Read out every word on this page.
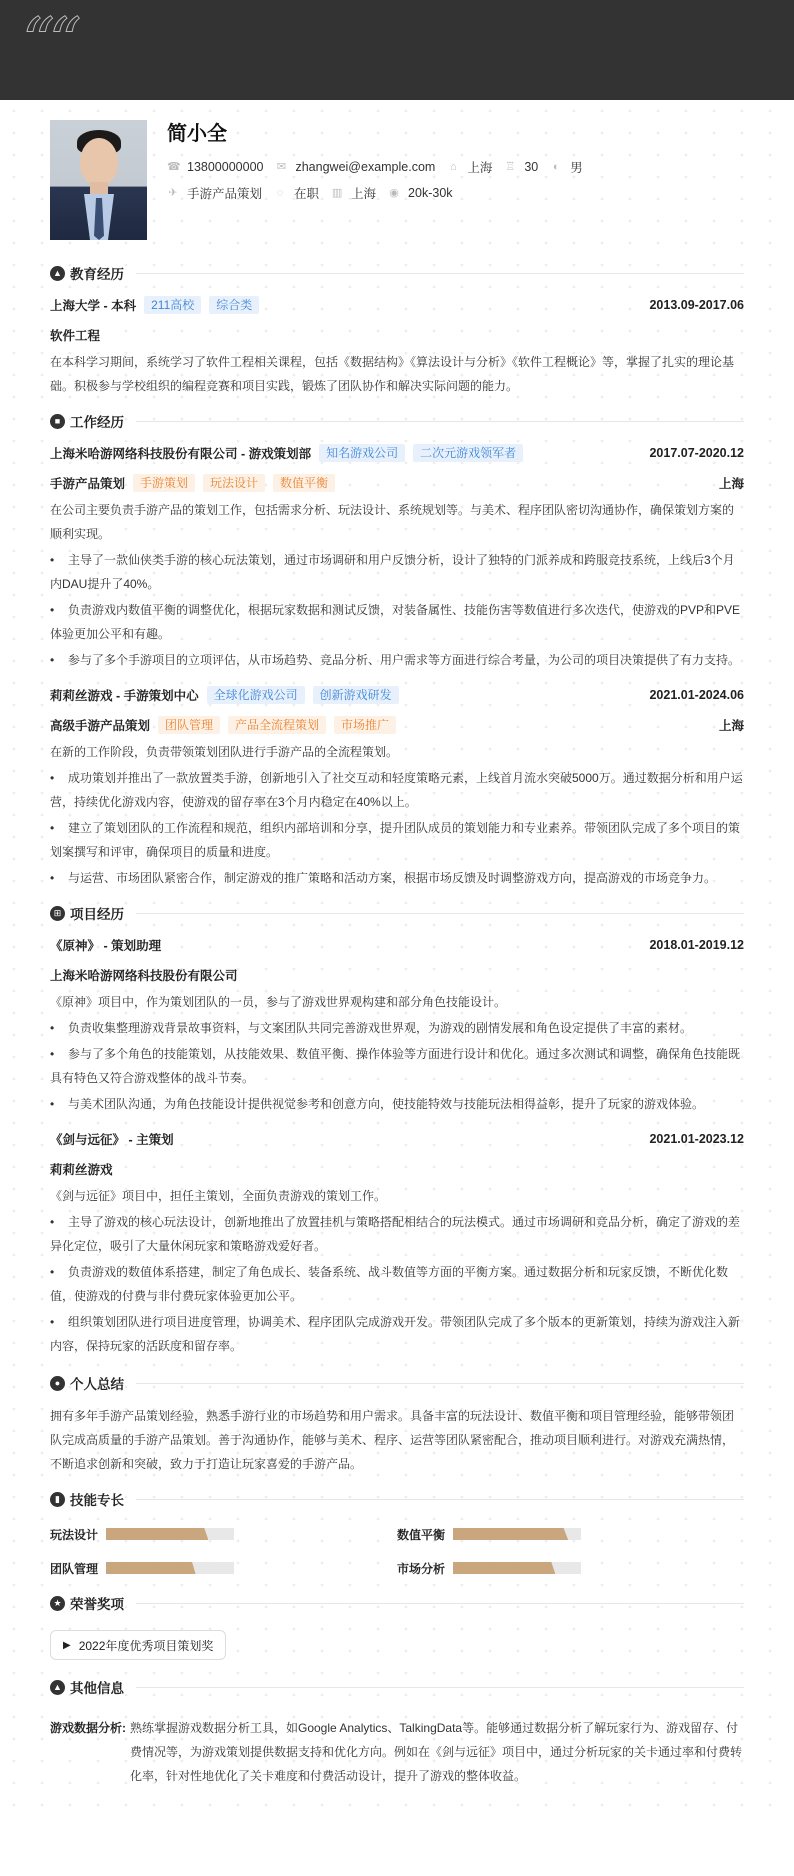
““
简小全
☎ 13800000000 ✉ zhangwei@example.com ⌂ 上海 ♖ 30 ◐ 男
✈ 手游产品策划 ◌ 在职 ▥ 上海 ◉ 20k-30k
▲ 教育经历
上海大学 - 本科	211高校	综合类	2013.09-2017.06
软件工程

在本科学习期间，系统学习了软件工程相关课程，包括《数据结构》《算法设计与分析》《软件工程概论》等，掌握了扎实的理论基础。积极参与学校组织的编程竞赛和项目实践，锻炼了团队协作和解决实际问题的能力。

■ 工作经历
上海米哈游网络科技股份有限公司 - 游戏策划部	知名游戏公司	二次元游戏领军者	2017.07-2020.12
手游产品策划	手游策划	玩法设计	数值平衡	上海

在公司主要负责手游产品的策划工作，包括需求分析、玩法设计、系统规划等。与美术、程序团队密切沟通协作，确保策划方案的顺利实现。

• 主导了一款仙侠类手游的核心玩法策划，通过市场调研和用户反馈分析，设计了独特的门派养成和跨服竞技系统，上线后3个月内DAU提升了40%。
• 负责游戏内数值平衡的调整优化，根据玩家数据和测试反馈，对装备属性、技能伤害等数值进行多次迭代，使游戏的PVP和PVE体验更加公平和有趣。
• 参与了多个手游项目的立项评估，从市场趋势、竞品分析、用户需求等方面进行综合考量，为公司的项目决策提供了有力支持。
莉莉丝游戏 - 手游策划中心	全球化游戏公司	创新游戏研发	2021.01-2024.06
高级手游产品策划	团队管理	产品全流程策划	市场推广	上海

在新的工作阶段，负责带领策划团队进行手游产品的全流程策划。

• 成功策划并推出了一款放置类手游，创新地引入了社交互动和轻度策略元素，上线首月流水突破5000万。通过数据分析和用户运营，持续优化游戏内容，使游戏的留存率在3个月内稳定在40%以上。
• 建立了策划团队的工作流程和规范，组织内部培训和分享，提升团队成员的策划能力和专业素养。带领团队完成了多个项目的策划案撰写和评审，确保项目的质量和进度。
• 与运营、市场团队紧密合作，制定游戏的推广策略和活动方案，根据市场反馈及时调整游戏方向，提高游戏的市场竞争力。
⊞ 项目经历
《原神》 - 策划助理	2018.01-2019.12
上海米哈游网络科技股份有限公司

《原神》项目中，作为策划团队的一员，参与了游戏世界观构建和部分角色技能设计。

• 负责收集整理游戏背景故事资料，与文案团队共同完善游戏世界观，为游戏的剧情发展和角色设定提供了丰富的素材。
• 参与了多个角色的技能策划，从技能效果、数值平衡、操作体验等方面进行设计和优化。通过多次测试和调整，确保角色技能既具有特色又符合游戏整体的战斗节奏。
• 与美术团队沟通，为角色技能设计提供视觉参考和创意方向，使技能特效与技能玩法相得益彰，提升了玩家的游戏体验。
《剑与远征》 - 主策划	2021.01-2023.12
莉莉丝游戏

《剑与远征》项目中，担任主策划，全面负责游戏的策划工作。

• 主导了游戏的核心玩法设计，创新地推出了放置挂机与策略搭配相结合的玩法模式。通过市场调研和竞品分析，确定了游戏的差异化定位，吸引了大量休闲玩家和策略游戏爱好者。
• 负责游戏的数值体系搭建，制定了角色成长、装备系统、战斗数值等方面的平衡方案。通过数据分析和玩家反馈，不断优化数值，使游戏的付费与非付费玩家体验更加公平。
• 组织策划团队进行项目进度管理，协调美术、程序团队完成游戏开发。带领团队完成了多个版本的更新策划，持续为游戏注入新内容，保持玩家的活跃度和留存率。
● 个人总结

拥有多年手游产品策划经验，熟悉手游行业的市场趋势和用户需求。具备丰富的玩法设计、数值平衡和项目管理经验，能够带领团队完成高质量的手游产品策划。善于沟通协作，能够与美术、程序、运营等团队紧密配合，推动项目顺利进行。对游戏充满热情，不断追求创新和突破，致力于打造让玩家喜爱的手游产品。

▮ 技能专长
玩法设计	数值平衡
团队管理	市场分析
★ 荣誉奖项
▶ 2022年度优秀项目策划奖
▲ 其他信息
游戏数据分析: 熟练掌握游戏数据分析工具，如Google Analytics、TalkingData等。能够通过数据分析了解玩家行为、游戏留存、付费情况等，为游戏策划提供数据支持和优化方向。例如在《剑与远征》项目中，通过分析玩家的关卡通过率和付费转化率，针对性地优化了关卡难度和付费活动设计，提升了游戏的整体收益。
